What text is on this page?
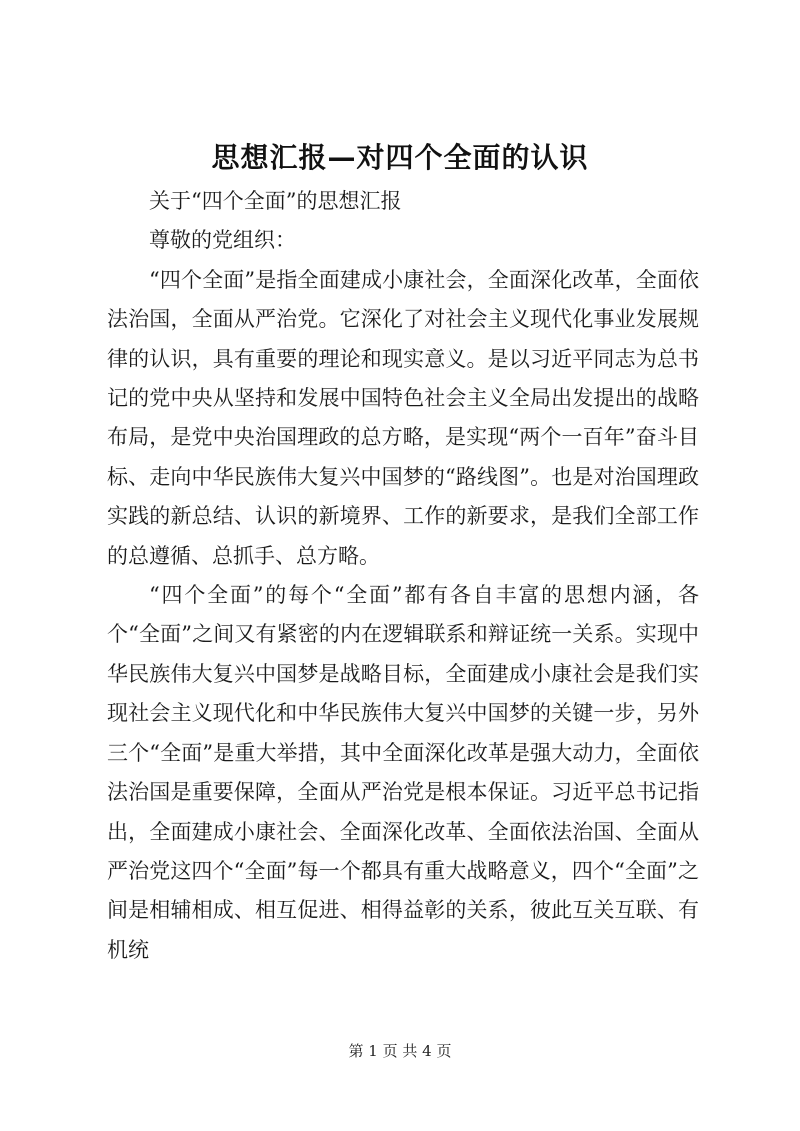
思想汇报—对四个全面的认识

关于“四个全面”的思想汇报

尊敬的党组织：

“四个全面”是指全面建成小康社会，全面深化改革，全面依法治国，全面从严治党。它深化了对社会主义现代化事业发展规律的认识，具有重要的理论和现实意义。是以习近平同志为总书记的党中央从坚持和发展中国特色社会主义全局出发提出的战略布局，是党中央治国理政的总方略，是实现“两个一百年”奋斗目标、走向中华民族伟大复兴中国梦的“路线图”。也是对治国理政实践的新总结、认识的新境界、工作的新要求，是我们全部工作的总遵循、总抓手、总方略。

“四个全面”的每个“全面”都有各自丰富的思想内涵，各个“全面”之间又有紧密的内在逻辑联系和辩证统一关系。实现中华民族伟大复兴中国梦是战略目标，全面建成小康社会是我们实现社会主义现代化和中华民族伟大复兴中国梦的关键一步，另外三个“全面”是重大举措，其中全面深化改革是强大动力，全面依法治国是重要保障，全面从严治党是根本保证。习近平总书记指出，全面建成小康社会、全面深化改革、全面依法治国、全面从严治党这四个“全面”每一个都具有重大战略意义，四个“全面”之间是相辅相成、相互促进、相得益彰的关系，彼此互关互联、有机统

第 1 页 共 4 页
